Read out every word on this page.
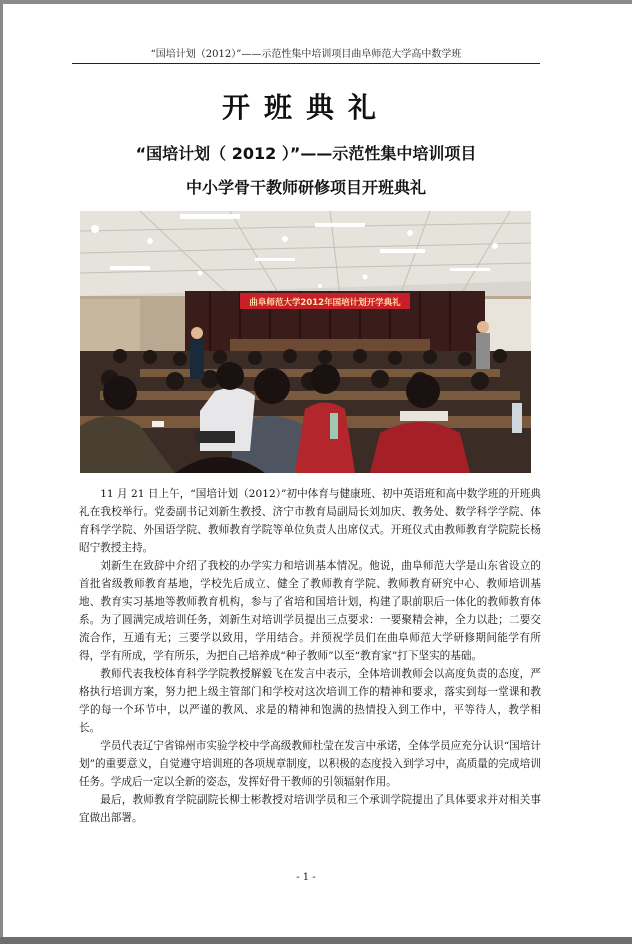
“国培计划（2012）”——示范性集中培训项目曲阜师范大学高中数学班
开班典礼
“国培计划（ 2012 ）”——示范性集中培训项目
中小学骨干教师研修项目开班典礼
曲阜师范大学2012年国培计划开学典礼

11 月 21 日上午，“国培计划（2012）”初中体育与健康班、初中英语班和高中数学班的开班典礼在我校举行。党委副书记刘新生教授、济宁市教育局副局长刘加庆、教务处、数学科学学院、体育科学学院、外国语学院、教师教育学院等单位负责人出席仪式。开班仪式由教师教育学院院长杨昭宁教授主持。

刘新生在致辞中介绍了我校的办学实力和培训基本情况。他说，曲阜师范大学是山东省设立的首批省级教师教育基地，学校先后成立、健全了教师教育学院、教师教育研究中心、教师培训基地、教育实习基地等教师教育机构，参与了省培和国培计划，构建了职前职后一体化的教师教育体系。为了圆满完成培训任务，刘新生对培训学员提出三点要求：一要聚精会神，全力以赴；二要交流合作，互通有无；三要学以致用，学用结合。并预祝学员们在曲阜师范大学研修期间能学有所得，学有所成，学有所乐，为把自己培养成“种子教师”以至“教育家”打下坚实的基础。

教师代表我校体育科学学院教授解毅飞在发言中表示，全体培训教师会以高度负责的态度，严格执行培训方案，努力把上级主管部门和学校对这次培训工作的精神和要求，落实到每一堂课和教学的每一个环节中，以严谨的教风、求是的精神和饱满的热情投入到工作中，平等待人，教学相长。

学员代表辽宁省锦州市实验学校中学高级教师杜莹在发言中承诺，全体学员应充分认识“国培计划”的重要意义，自觉遵守培训班的各项规章制度，以积极的态度投入到学习中，高质量的完成培训任务。学成后一定以全新的姿态，发挥好骨干教师的引领辐射作用。

最后，教师教育学院副院长柳士彬教授对培训学员和三个承训学院提出了具体要求并对相关事宜做出部署。

- 1 -
